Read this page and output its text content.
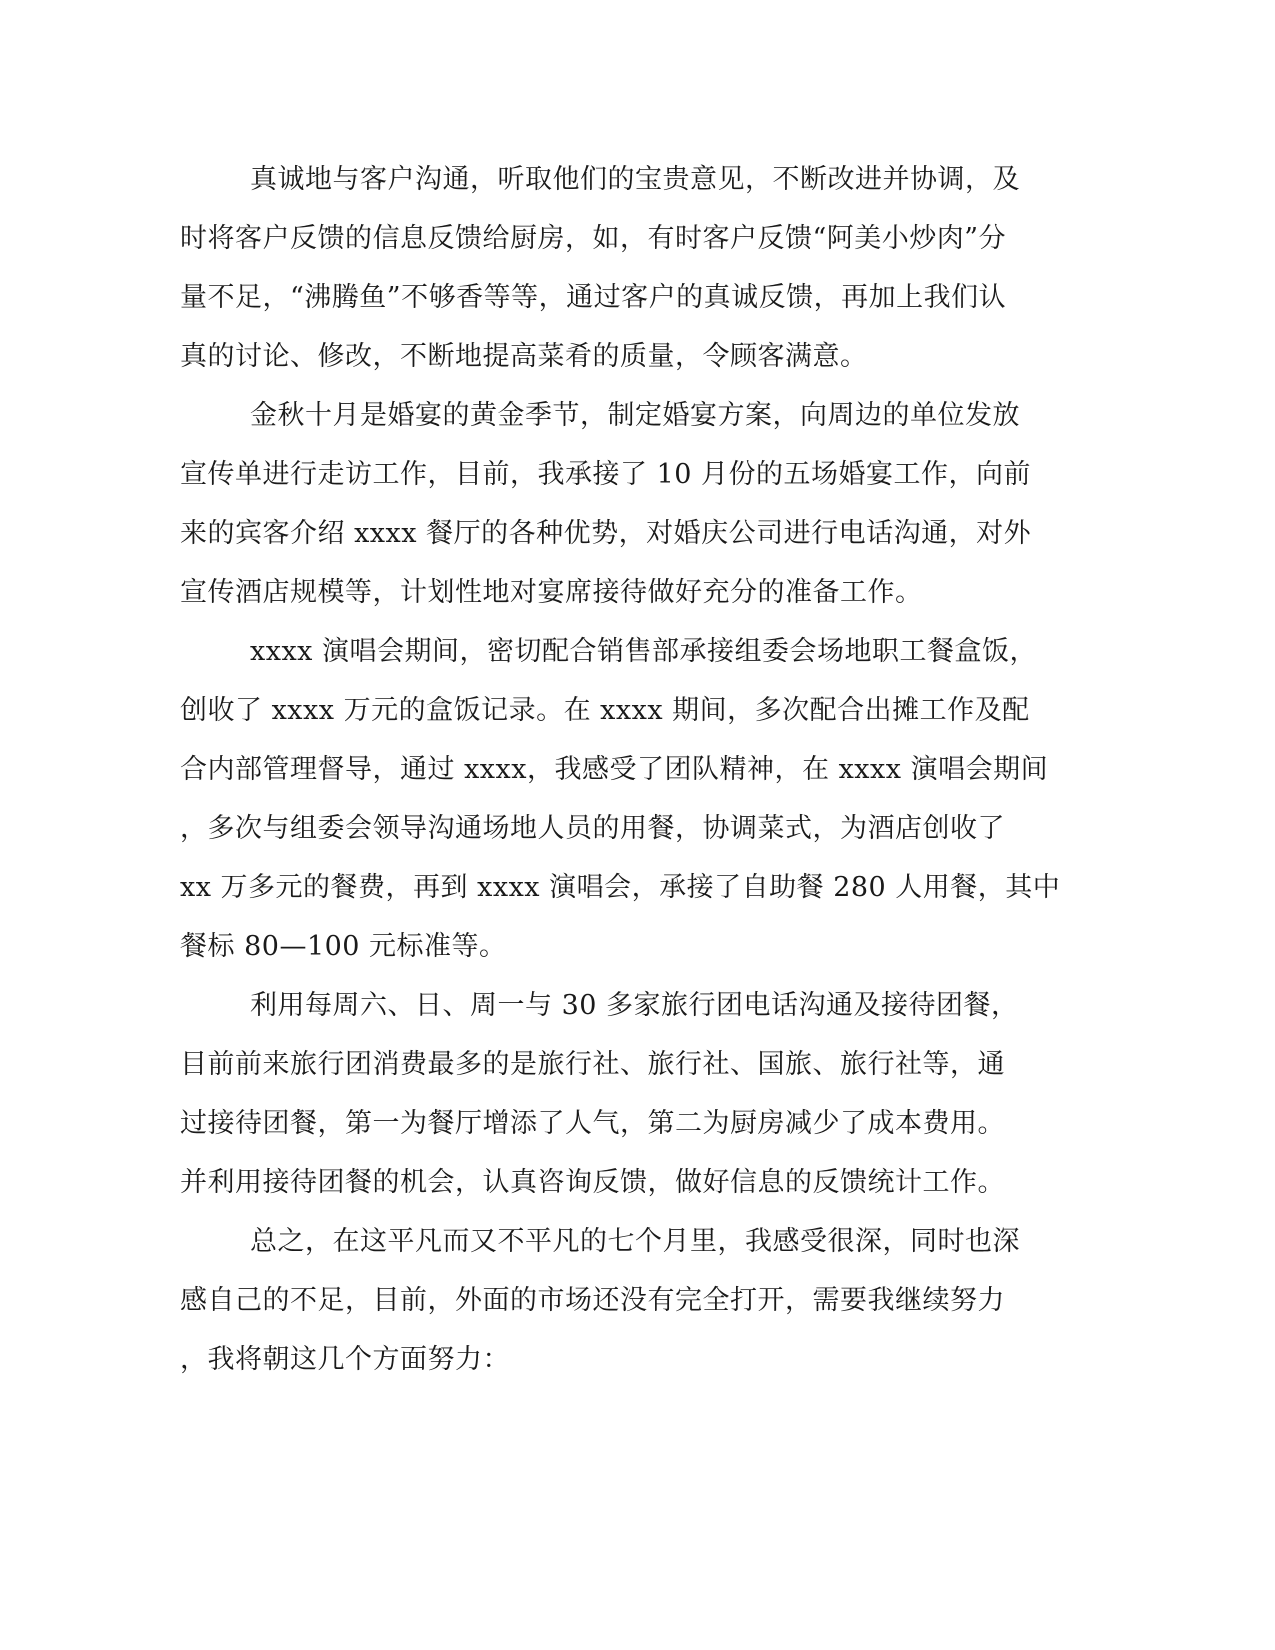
真诚地与客户沟通，听取他们的宝贵意见，不断改进并协调，及
时将客户反馈的信息反馈给厨房，如，有时客户反馈“阿美小炒肉”分
量不足，“沸腾鱼”不够香等等，通过客户的真诚反馈，再加上我们认
真的讨论、修改，不断地提高菜肴的质量，令顾客满意。
金秋十月是婚宴的黄金季节，制定婚宴方案，向周边的单位发放
宣传单进行走访工作，目前，我承接了 10 月份的五场婚宴工作，向前
来的宾客介绍 xxxx 餐厅的各种优势，对婚庆公司进行电话沟通，对外
宣传酒店规模等，计划性地对宴席接待做好充分的准备工作。
xxxx 演唱会期间，密切配合销售部承接组委会场地职工餐盒饭，
创收了 xxxx 万元的盒饭记录。在 xxxx 期间，多次配合出摊工作及配
合内部管理督导，通过 xxxx，我感受了团队精神，在 xxxx 演唱会期间
，多次与组委会领导沟通场地人员的用餐，协调菜式，为酒店创收了
xx 万多元的餐费，再到 xxxx 演唱会，承接了自助餐 280 人用餐，其中
餐标 80—100 元标准等。
利用每周六、日、周一与 30 多家旅行团电话沟通及接待团餐，
目前前来旅行团消费最多的是旅行社、旅行社、国旅、旅行社等，通
过接待团餐，第一为餐厅增添了人气，第二为厨房减少了成本费用。
并利用接待团餐的机会，认真咨询反馈，做好信息的反馈统计工作。
总之，在这平凡而又不平凡的七个月里，我感受很深，同时也深
感自己的不足，目前，外面的市场还没有完全打开，需要我继续努力
，我将朝这几个方面努力：
